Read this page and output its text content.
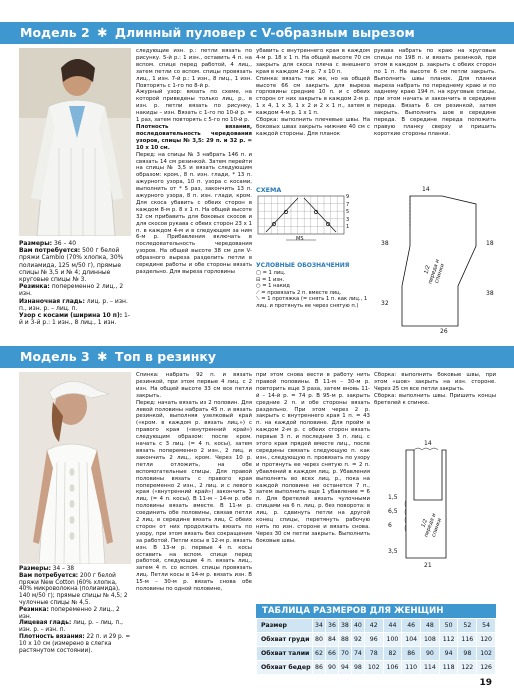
Модель 2 ✱ Длинный пуловер с V-образным вырезом

Размеры: 36 – 40

Вам потребуется: 500 г белой пряжи Cambio (70% хлопка, 30% полиамида, 125 м/50 г), прямые спицы № 3,5 и № 4; длинные круговые спицы № 3.

Резинка: попеременно 2 лиц., 2 изн.

Изнаночная гладь: лиц. р. – изн. п., изн. р. – лиц. п.

Узор с косами (ширина 10 п): 1-й и 3-й р.: 1 изн., 8 лиц., 1 изн.

следующие изн. р.: петли вязать по рисунку. 5-й р.: 1 изн., оставить 4 п. на вспом. спице перед работой, 4 лиц., затем петли со вспом. спицы провязать лиц., 1 изн. 7-й р.: 1 изн., 8 лиц., 1 изн. Повторять с 1-го по 8-й р.

Ажурный узор: вязать по схеме, на которой приведены только лиц. р., в изн. р. петли вязать по рисунку, накиды – изн. Вязать с 1-го по 10-й р. = 1 раз, затем повторять с 5-го по 10-й р.

Плотность вязания, последовательность чередования узоров, спицы № 3,5: 29 п. и 32 р. = 10 х 10 см.

Перед: на спицы № 3 набрать 146 п. и связать 14 см резинкой. Затем перейти на спицы № 3,5 и вязать следующим образом: кром., 8 п. изн. глади, * 13 п. ажурного узора, 10 п. узора с косами, выполнить от * 5 раз, закончить 13 п. ажурного узора, 8 п. изн. глади, кром. Для скоса убавить с обеих сторон в каждом 8-м р. 8 х 1 п. На общей высоте 32 см прибавить для боковых скосов и для скосов рукава с обеих сторон 23 х 1 п. в каждом 4-м и в следующем за ним 6-м р. Прибавления включать в последовательность чередования узоров. На общей высоте 38 см для V-образного выреза разделить петли в середине работы и обе стороны вязать раздельно. Для выреза горловины

убавить с внутреннего края в каждом 4-м р. 18 х 1 п. На общей высоте 70 см закрыть для скоса плеча с внешнего края в каждом 2-м р. 7 х 10 п.

Спинка: вязать так же, но на общей высоте 66 см закрыть для выреза горловины средние 10 п. и с обеих сторон от них закрыть в каждом 2-м р. 1 х 4, 1 х 3, 1 х 2 и 2 х 1 п., затем в каждом 4-м р. 1 х 1 п.

Сборка: выполнить плечевые швы. На боковых швах закрыть нижние 40 см с каждой стороны. Для планок

рукава набрать по краю на круговые спицы по 198 п. и вязать резинкой, при этом в каждом р. закрыть с обеих сторон по 1 п. На высоте 6 см петли закрыть. Выполнить швы планок. Для планки выреза набрать по переднему краю и по заднему краю 194 п. на круговые спицы, при этом начать и закончить в середине переда. Вязать 6 см резинкой, затем закрыть. Выполнить шов в середине переда. В середине переда положить правую планку сверху и пришить короткие стороны планки.

СХЕМА
9
7
5
3
1
MS
УСЛОВНЫЕ ОБОЗНАЧЕНИЯ
▢ = 1 лиц.
⊟ = 1 изн.
○ = 1 накид
⟋ = провязать 2 п. вместе лиц.
⟍ = 1 протяжка (= снять 1 п. как лиц., 1 лиц. и протянуть ее через снятую п.)
14
18
38
38
32
1/2 переда и спинки
26
Модель 3 ✱ Топ в резинку

Размеры: 34 – 38

Вам потребуется: 200 г белой пряжи New Cotton (60% хлопка, 40% микроволокна (полиамида), 140 м/50 г); прямые спицы № 4,5; 2 чулочные спицы № 4,5.

Резинка: попеременно 2 лиц., 2 изн.

Лицевая гладь: лиц. р. – лиц. п., изн. р. – изн. п.

Плотность вязания: 22 п. и 29 р. = 10 х 10 см (измерено в слегка растянутом состоянии).

Спинка: набрать 92 п. и вязать резинкой, при этом первые 4 лиц. с 2 изн. На общей высоте 33 см все петли закрыть.

Перед: начать вязать из 2 половин. Для левой половины набрать 45 п. и вязать резинкой, выполняя узелковый край («кром. в каждом р. вязать лиц.») с правого края («внутренний край») следующим образом: после кром. начать с 3 лиц. (= 4 п. косы), затем вязать попеременно 2 изн., 2 лиц. и закончить 2 лиц., кром. Через 10 р. петли отложить, на обе вспомогательные спицы. Для правой половины вязать с правого края попеременно 2 изн., 2 лиц. и с левого края («внутренний край») закончить 3 лиц. (= 4 п. косы). В 11-м – 14-м р. обе половины вязать вместе. В 11-м р. соединить обе половины, связав петли 2 лиц. в середине вязать лиц. С обеих сторон от них продолжать вязать по узору, при этом вязать без сокращения за работой. Петли косы в 12-м р. вязать изн. В 13-м р. первые 4 п. косы оставить на вспом. спице перед работой, следующие 4 п. вязать лиц., затем 4 п. со вспом. спицы провязать лиц. Петли косы в 14-м р. вязать изн. В 15-м – 30-м р. вязать снова обе половины по одной половине,

при этом снова вести в работу нить правой половины. В 11-м – 30-м р. повторить еще 3 раза, затем вновь 11-й – 14-й р. = 74 р. В 95-м р. закрыть средние 2 п. и обе стороны вязать раздельно. При этом через 2 р. закрыть с внутреннего края 1 п. = 43 п. на каждой половине. Для пройм в каждом 2-м р. с обеих сторон вязать первые 3 п. и последние 3 п. лиц. с этого края прядей вместе лиц., после середины связать следующую п. как изн., следующую п. провязать по узору и протянуть ее через снятую п. = 2 п. убавлений в каждом лиц. р. Убавления выполнять во всех лиц. р., пока на каждой половине не останется 7 п., затем выполнить еще 1 убавление = 6 п. Для бретелей вязать чулочными спицами на 6 п. лиц. р. без поворота: в лиц. р. сдвинуть петли на другой конец спицы, перетянуть рабочую нить по изн. стороне и вязать снова. Через 30 см петли закрыть. Выполнить боковые швы.

Сборка: выполнить боковые швы, при этом «шов» закрыть на изн. стороне. Через 25 см все петли закрыть.

Сборка: выполнить швы. Пришить концы бретелей к спинке.

14
1,5
6,5
6
3,5
1/2 переда и спинки
21
ТАБЛИЦА РАЗМЕРОВ ДЛЯ ЖЕНЩИН
Размер	34	36	38	40	42	44	46	48	50	52	54
Обхват груди	80	84	88	92	96	100	104	108	112	116	120
Обхват талии	62	66	70	74	78	82	86	90	94	98	102
Обхват бедер	86	90	94	98	102	106	110	114	118	122	126
19
